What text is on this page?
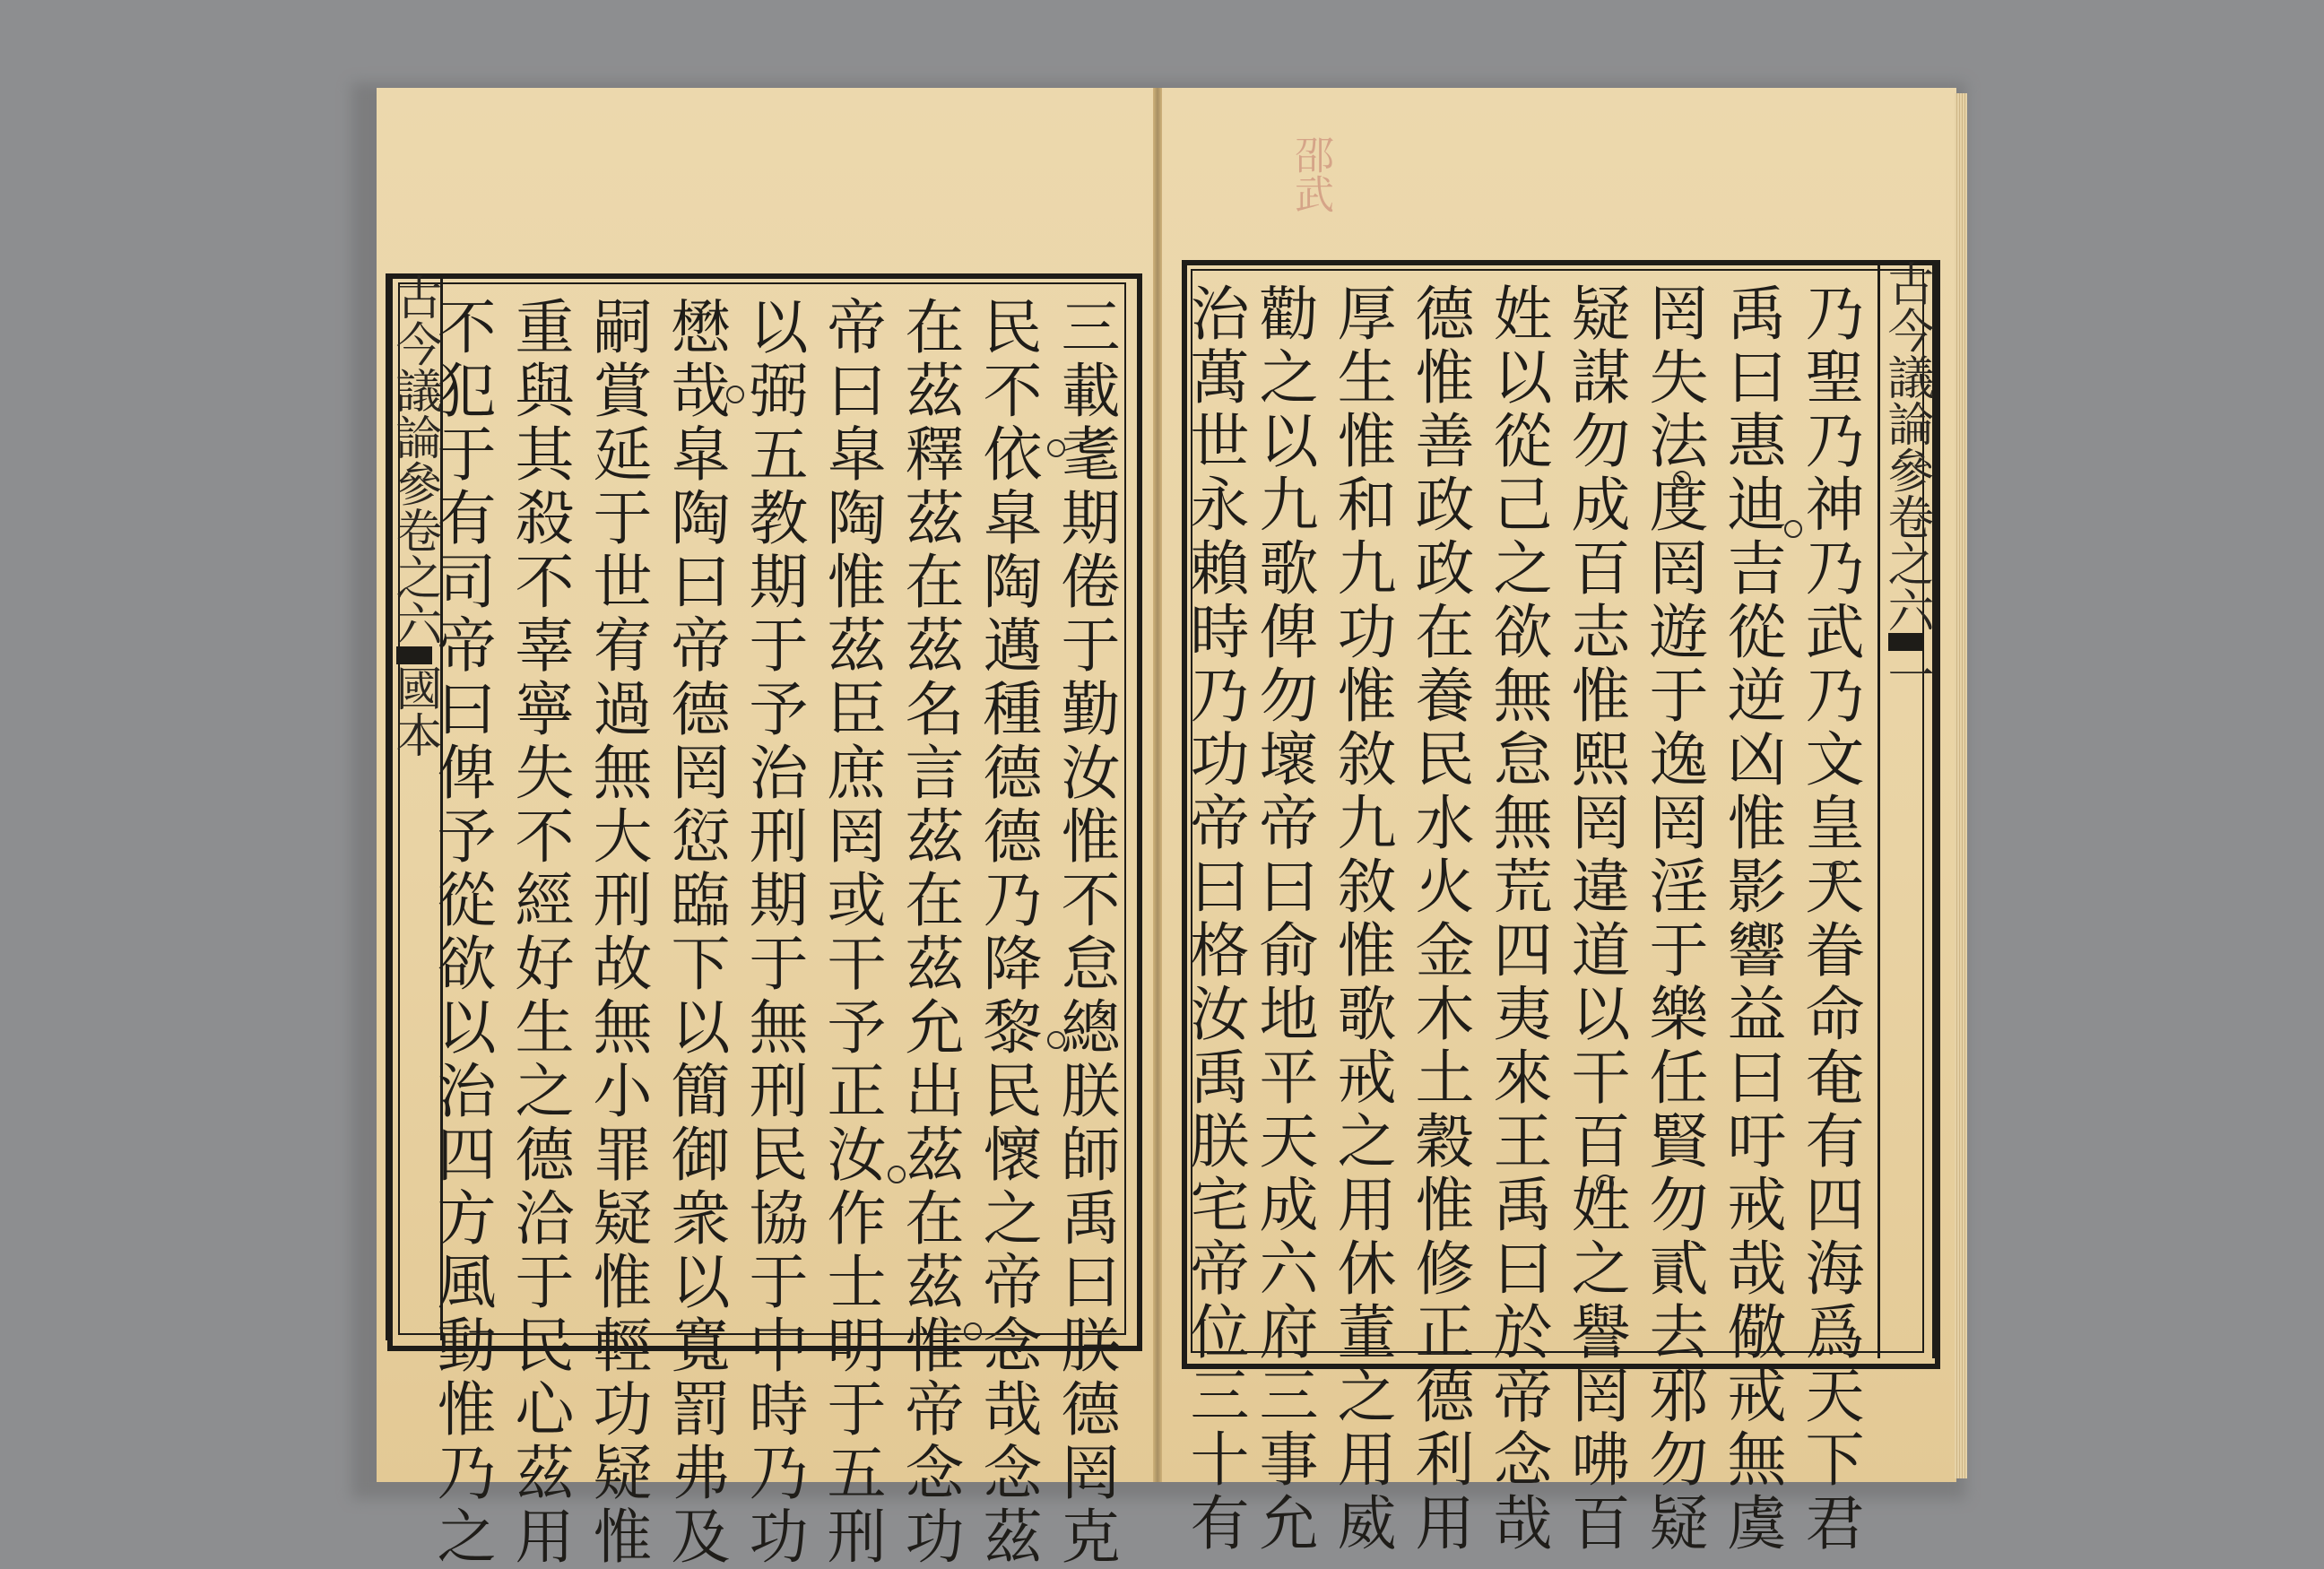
邵武
古今議論參卷之六國本
古今議論參卷之六一
三載耄期倦于勤汝惟不怠總朕師禹曰朕德罔克
民不依皐陶邁種德德乃降黎民懷之帝念哉念茲
在茲釋茲在茲名言茲在茲允出茲在茲惟帝念功
帝曰皐陶惟茲臣庶罔或干予正汝作士明于五刑
以弼五教期于予治刑期于無刑民協于中時乃功
懋哉皐陶曰帝德罔愆臨下以簡御衆以寬罰弗及
嗣賞延于世宥過無大刑故無小罪疑惟輕功疑惟
重與其殺不辜寧失不經好生之德洽于民心茲用
不犯于有司帝曰俾予從欲以治四方風動惟乃之	乃聖乃神乃武乃文皇天眷命奄有四海爲天下君
禹曰惠迪吉從逆凶惟影響益曰吁戒哉儆戒無虞
罔失法度罔遊于逸罔淫于樂任賢勿貳去邪勿疑
疑謀勿成百志惟熙罔違道以干百姓之譽罔咈百
姓以從己之欲無怠無荒四夷來王禹曰於帝念哉
德惟善政政在養民水火金木土穀惟修正德利用
厚生惟和九功惟敘九敘惟歌戒之用休董之用威
勸之以九歌俾勿壞帝曰俞地平天成六府三事允
治萬世永賴時乃功帝曰格汝禹朕宅帝位三十有
